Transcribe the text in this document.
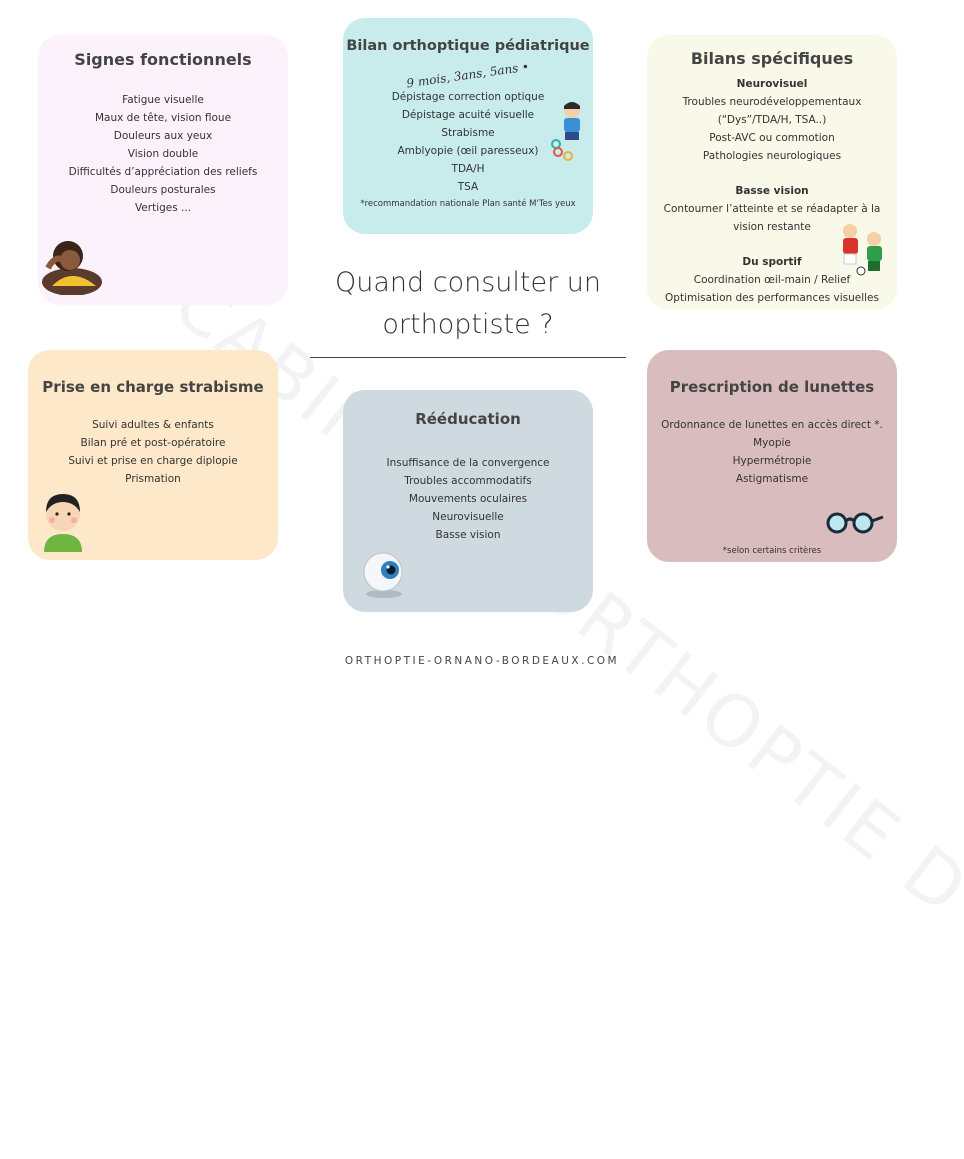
Signes fonctionnels
Fatigue visuelle
Maux de tête, vision floue
Douleurs aux yeux
Vision double
Difficultés d’appréciation des reliefs
Douleurs posturales
Vertiges ...
Bilan orthoptique pédiatrique
9 mois, 3ans, 5ans •
Dépistage correction optique
Dépistage acuité visuelle
Strabisme
Amblyopie (œil paresseux)
TDA/H
TSA
*recommandation nationale Plan santé M'Tes yeux
Bilans spécifiques
Neurovisuel
Troubles neurodéveloppementaux
(“Dys”/TDA/H, TSA..)
Post-AVC ou commotion
Pathologies neurologiques
Basse vision
Contourner l’atteinte et se réadapter à la
vision restante
Du sportif
Coordination œil-main / Relief
Optimisation des performances visuelles
Quand consulter un
orthoptiste ?
Prise en charge strabisme
Suivi adultes & enfants
Bilan pré et post-opératoire
Suivi et prise en charge diplopie
Prismation
Rééducation
Insuffisance de la convergence
Troubles accommodatifs
Mouvements oculaires
Neurovisuelle
Basse vision
Prescription de lunettes
Ordonnance de lunettes en accès direct *.
Myopie
Hypermétropie
Astigmatisme
*selon certains critères
ORTHOPTIE-ORNANO-BORDEAUX.COM
